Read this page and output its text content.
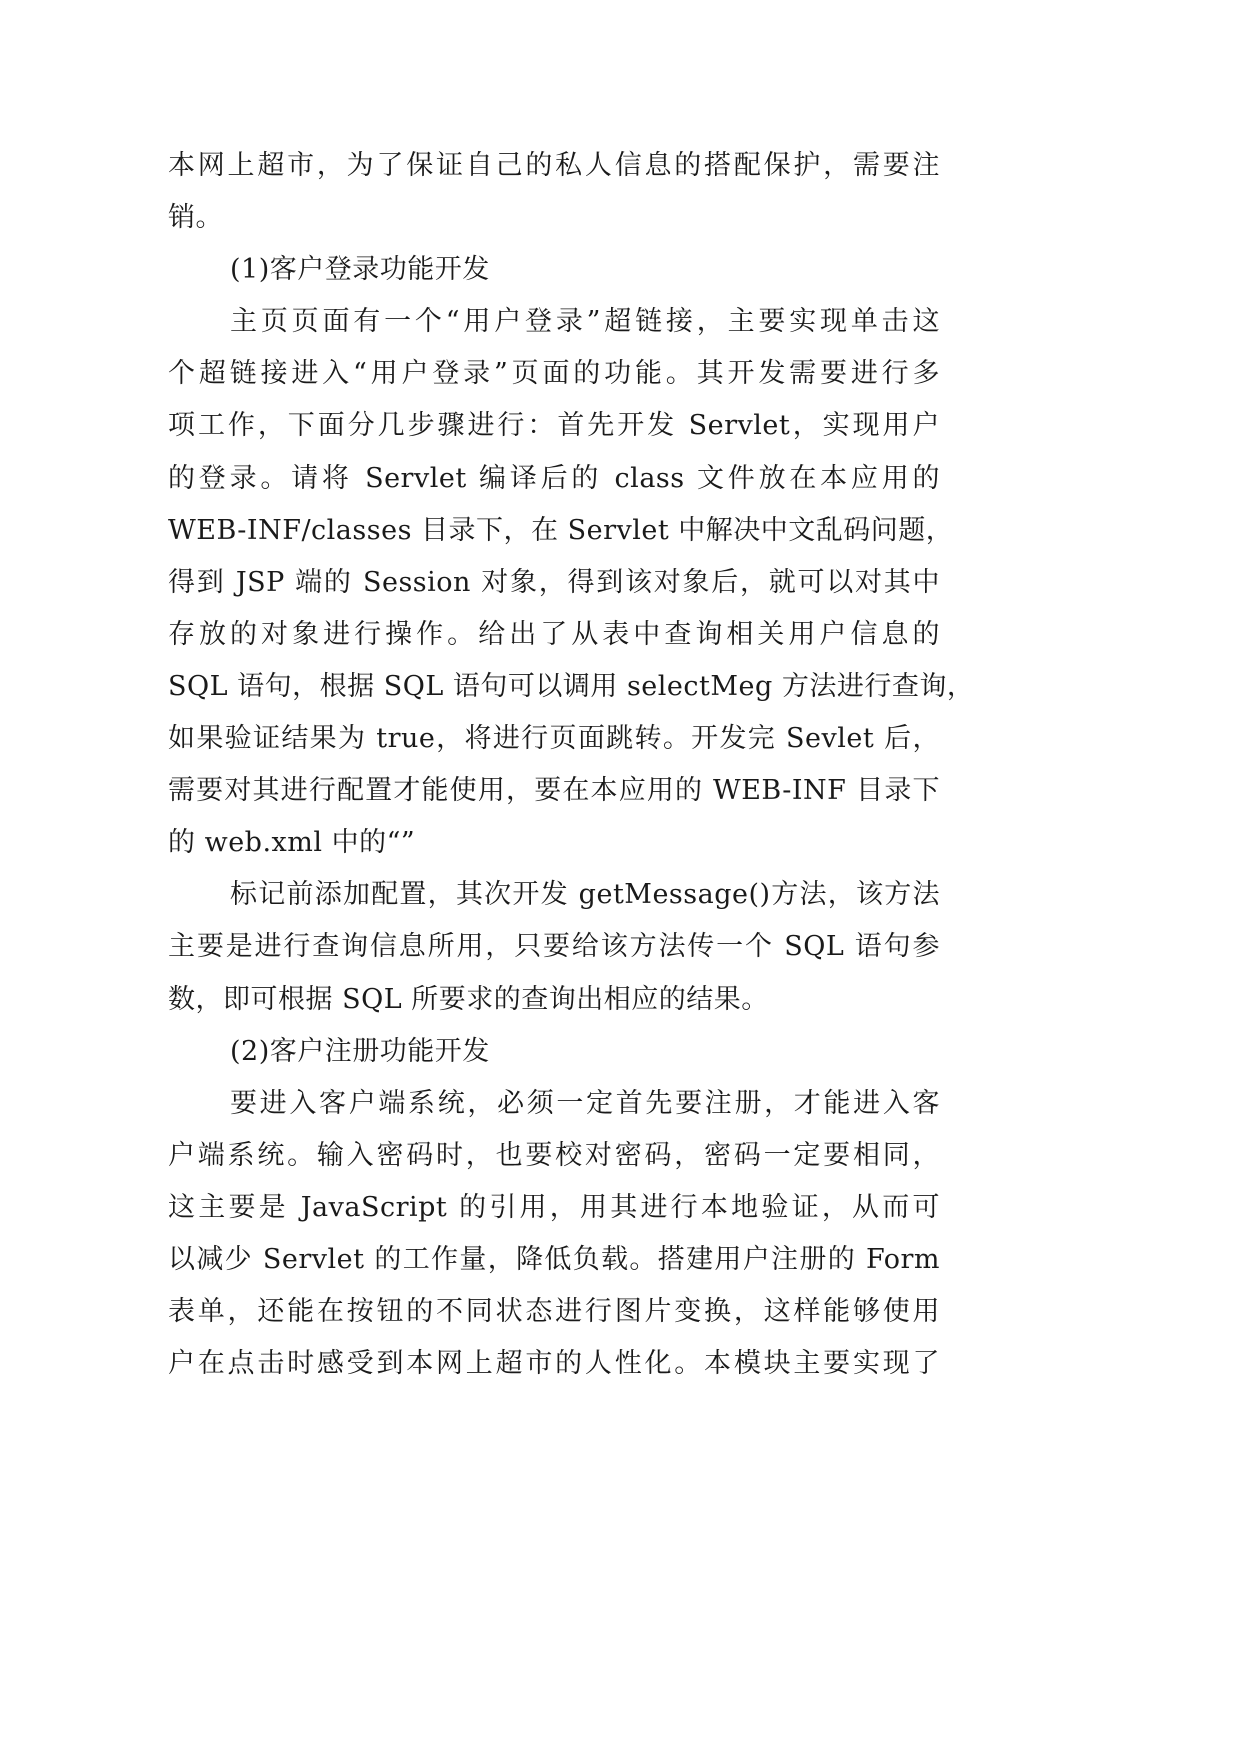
本网上超市，为了保证自己的私人信息的搭配保护，需要注
销。
(1)客户登录功能开发
主页页面有一个“用户登录”超链接，主要实现单击这
个超链接进入“用户登录”页面的功能。其开发需要进行多
项工作，下面分几步骤进行：首先开发 Servlet，实现用户
的登录。请将 Servlet 编译后的 class 文件放在本应用的
WEB-INF/classes 目录下，在 Servlet 中解决中文乱码问题，
得到 JSP 端的 Session 对象，得到该对象后，就可以对其中
存放的对象进行操作。给出了从表中查询相关用户信息的
SQL 语句，根据 SQL 语句可以调用 selectMeg 方法进行查询，
如果验证结果为 true，将进行页面跳转。开发完 Sevlet 后，
需要对其进行配置才能使用，要在本应用的 WEB-INF 目录下
的 web.xml 中的“”
标记前添加配置，其次开发 getMessage()方法，该方法
主要是进行查询信息所用，只要给该方法传一个 SQL 语句参
数，即可根据 SQL 所要求的查询出相应的结果。
(2)客户注册功能开发
要进入客户端系统，必须一定首先要注册，才能进入客
户端系统。输入密码时，也要校对密码，密码一定要相同，
这主要是 JavaScript 的引用，用其进行本地验证，从而可
以减少 Servlet 的工作量，降低负载。搭建用户注册的 Form
表单，还能在按钮的不同状态进行图片变换，这样能够使用
户在点击时感受到本网上超市的人性化。本模块主要实现了
